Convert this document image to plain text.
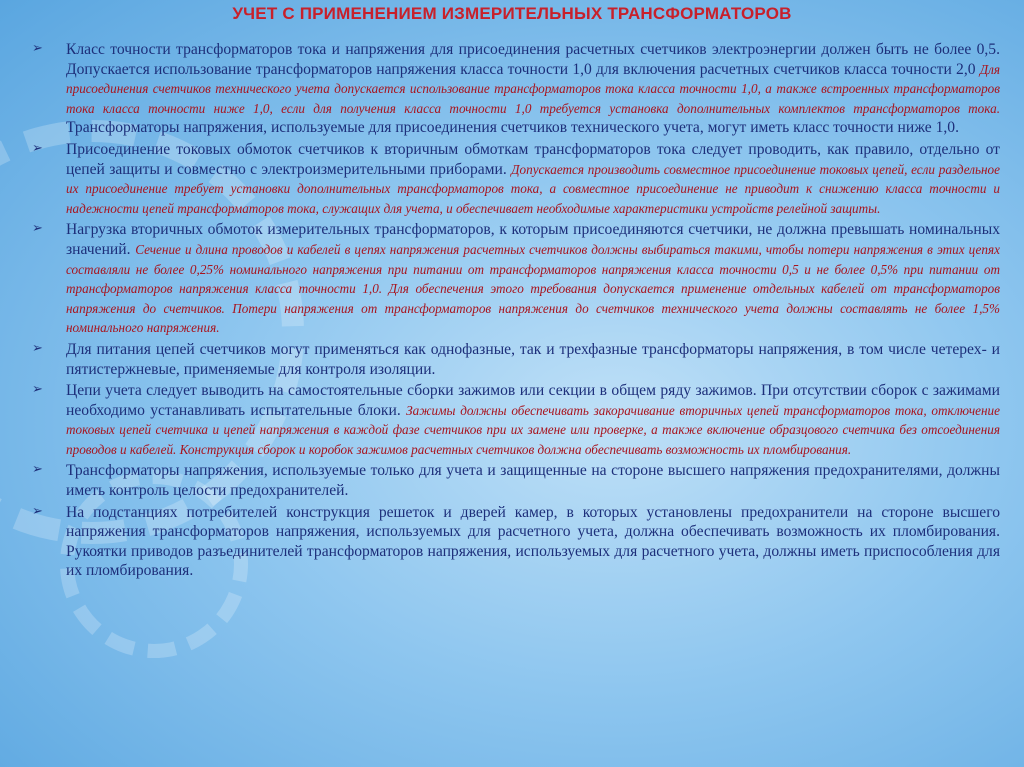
УЧЕТ С ПРИМЕНЕНИЕМ ИЗМЕРИТЕЛЬНЫХ ТРАНСФОРМАТОРОВ
➢	Класс точности трансформаторов тока и напряжения для присоединения расчетных счетчиков электроэнергии должен быть не более 0,5. Допускается использование трансформаторов напряжения класса точности 1,0 для включения расчетных счетчиков класса точности 2,0 Для присоединения счетчиков технического учета допускается использование трансформаторов тока класса точности 1,0, а также встроенных трансформаторов тока класса точности ниже 1,0, если для получения класса точности 1,0 требуется установка дополнительных комплектов трансформаторов тока. Трансформаторы напряжения, используемые для присоединения счетчиков технического учета, могут иметь класс точности ниже 1,0.
➢	Присоединение токовых обмоток счетчиков к вторичным обмоткам трансформаторов тока следует проводить, как правило, отдельно от цепей защиты и совместно с электроизмерительными приборами. Допускается производить совместное присоединение токовых цепей, если раздельное их присоединение требует установки дополнительных трансформаторов тока, а совместное присоединение не приводит к снижению класса точности и надежности цепей трансформаторов тока, служащих для учета, и обеспечивает необходимые характеристики устройств релейной защиты.
➢	Нагрузка вторичных обмоток измерительных трансформаторов, к которым присоединяются счетчики, не должна превышать номинальных значений. Сечение и длина проводов и кабелей в цепях напряжения расчетных счетчиков должны выбираться такими, чтобы потери напряжения в этих цепях составляли не более 0,25% номинального напряжения при питании от трансформаторов напряжения класса точности 0,5 и не более 0,5% при питании от трансформаторов напряжения класса точности 1,0. Для обеспечения этого требования допускается применение отдельных кабелей от трансформаторов напряжения до счетчиков. Потери напряжения от трансформаторов напряжения до счетчиков технического учета должны составлять не более 1,5% номинального напряжения.
➢	Для питания цепей счетчиков могут применяться как однофазные, так и трехфазные трансформаторы напряжения, в том числе четерех- и пятистержневые, применяемые для контроля изоляции.
➢	Цепи учета следует выводить на самостоятельные сборки зажимов или секции в общем ряду зажимов. При отсутствии сборок с зажимами необходимо устанавливать испытательные блоки. Зажимы должны обеспечивать закорачивание вторичных цепей трансформаторов тока, отключение токовых цепей счетчика и цепей напряжения в каждой фазе счетчиков при их замене или проверке, а также включение образцового счетчика без отсоединения проводов и кабелей. Конструкция сборок и коробок зажимов расчетных счетчиков должна обеспечивать возможность их пломбирования.
➢	Трансформаторы напряжения, используемые только для учета и защищенные на стороне высшего напряжения предохранителями, должны иметь контроль целости предохранителей.
➢	На подстанциях потребителей конструкция решеток и дверей камер, в которых установлены предохранители на стороне высшего напряжения трансформаторов напряжения, используемых для расчетного учета, должна обеспечивать возможность их пломбирования. Рукоятки приводов разъединителей трансформаторов напряжения, используемых для расчетного учета, должны иметь приспособления для их пломбирования.
